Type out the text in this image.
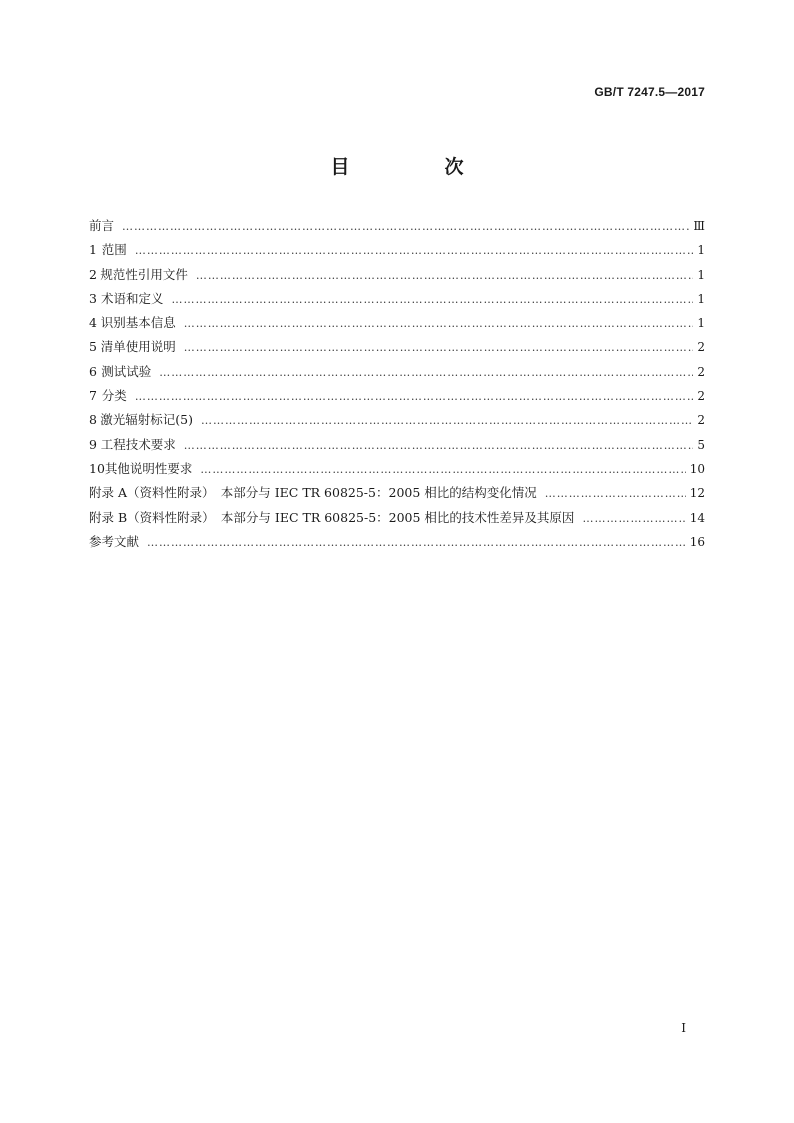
GB/T 7247.5—2017
目　次
前言 ……………………………………………………………………………………………………………………………………………………………………………………………………………………	Ⅲ
1 范围 ……………………………………………………………………………………………………………………………………………………………………………………………………………………	1
2 规范性引用文件 ……………………………………………………………………………………………………………………………………………………………………………………………………………………	1
3 术语和定义 ……………………………………………………………………………………………………………………………………………………………………………………………………………………	1
4 识别基本信息 ……………………………………………………………………………………………………………………………………………………………………………………………………………………	1
5 清单使用说明 ……………………………………………………………………………………………………………………………………………………………………………………………………………………	2
6 测试试验 ……………………………………………………………………………………………………………………………………………………………………………………………………………………	2
7 分类 ……………………………………………………………………………………………………………………………………………………………………………………………………………………	2
8 激光辐射标记(5) ……………………………………………………………………………………………………………………………………………………………………………………………………………………	2
9 工程技术要求 ……………………………………………………………………………………………………………………………………………………………………………………………………………………	5
10 其他说明性要求 ……………………………………………………………………………………………………………………………………………………………………………………………………………………	10
附录 A（资料性附录）　本部分与 IEC TR 60825-5：2005 相比的结构变化情况 ……………………………………………………………………………………………………………………………………………………………………………………………………………………	12
附录 B（资料性附录）　本部分与 IEC TR 60825-5：2005 相比的技术性差异及其原因 ……………………………………………………………………………………………………………………………………………………………………………………………………………………	14
参考文献 ……………………………………………………………………………………………………………………………………………………………………………………………………………………	16
Ⅰ
